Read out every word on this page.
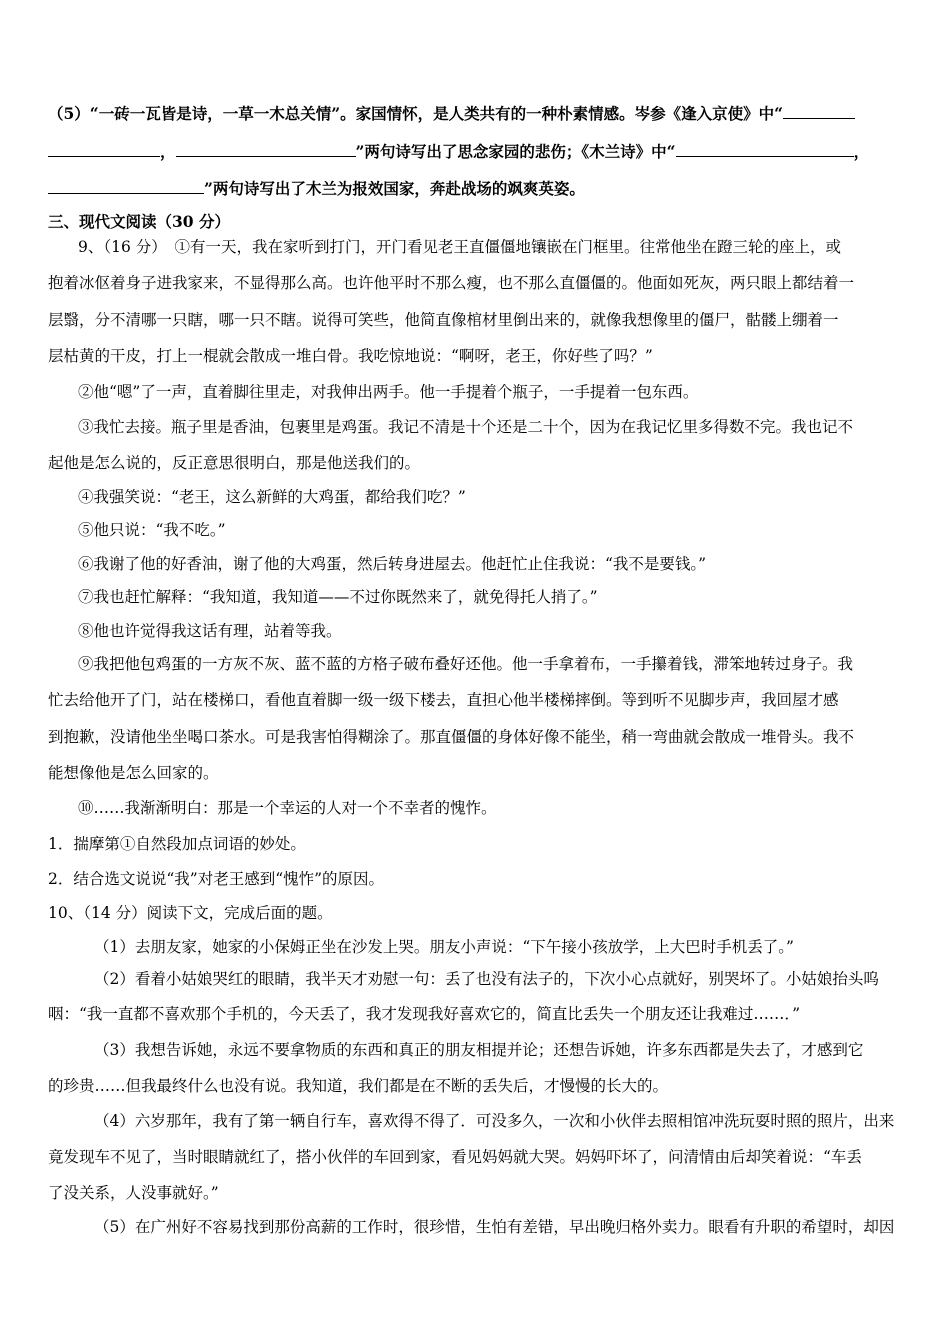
（5）“一砖一瓦皆是诗，一草一木总关情”。家国情怀，是人类共有的一种朴素情感。岑参《逢入京使》中“
，	”两句诗写出了思念家园的悲伤；《木兰诗》中“	，
”两句诗写出了木兰为报效国家，奔赴战场的飒爽英姿。
三、现代文阅读（30 分）
9、（16 分）　①有一天，我在家听到打门，开门看见老王直僵僵地镶嵌在门框里。往常他坐在蹬三轮的座上，或
抱着冰伛着身子进我家来，不显得那么高。也许他平时不那么瘦，也不那么直僵僵的。他面如死灰，两只眼上都结着一
层翳，分不清哪一只瞎，哪一只不瞎。说得可笑些，他简直像棺材里倒出来的，就像我想像里的僵尸，骷髅上绷着一
层枯黄的干皮，打上一棍就会散成一堆白骨。我吃惊地说：“啊呀，老王，你好些了吗？”
②他“嗯”了一声，直着脚往里走，对我伸出两手。他一手提着个瓶子，一手提着一包东西。
③我忙去接。瓶子里是香油，包裹里是鸡蛋。我记不清是十个还是二十个，因为在我记忆里多得数不完。我也记不
起他是怎么说的，反正意思很明白，那是他送我们的。
④我强笑说：“老王，这么新鲜的大鸡蛋，都给我们吃？”
⑤他只说：“我不吃。”
⑥我谢了他的好香油，谢了他的大鸡蛋，然后转身进屋去。他赶忙止住我说：“我不是要钱。”
⑦我也赶忙解释：“我知道，我知道——不过你既然来了，就免得托人捎了。”
⑧他也许觉得我这话有理，站着等我。
⑨我把他包鸡蛋的一方灰不灰、蓝不蓝的方格子破布叠好还他。他一手拿着布，一手攥着钱，滞笨地转过身子。我
忙去给他开了门，站在楼梯口，看他直着脚一级一级下楼去，直担心他半楼梯摔倒。等到听不见脚步声，我回屋才感
到抱歉，没请他坐坐喝口茶水。可是我害怕得糊涂了。那直僵僵的身体好像不能坐，稍一弯曲就会散成一堆骨头。我不
能想像他是怎么回家的。
⑩……我渐渐明白：那是一个幸运的人对一个不幸者的愧怍。
1．揣摩第①自然段加点词语的妙处。
2．结合选文说说“我”对老王感到“愧怍”的原因。
10、（14 分）阅读下文，完成后面的题。
（1）去朋友家，她家的小保姆正坐在沙发上哭。朋友小声说：“下午接小孩放学，上大巴时手机丢了。”
（2）看着小姑娘哭红的眼睛，我半天才劝慰一句：丢了也没有法子的，下次小心点就好，别哭坏了。小姑娘抬头呜
咽：“我一直都不喜欢那个手机的，今天丢了，我才发现我好喜欢它的，简直比丢失一个朋友还让我难过……．”
（3）我想告诉她，永远不要拿物质的东西和真正的朋友相提并论；还想告诉她，许多东西都是失去了，才感到它
的珍贵……但我最终什么也没有说。我知道，我们都是在不断的丢失后，才慢慢的长大的。
（4）六岁那年，我有了第一辆自行车，喜欢得不得了．可没多久，一次和小伙伴去照相馆冲洗玩耍时照的照片，出来
竟发现车不见了，当时眼睛就红了，搭小伙伴的车回到家，看见妈妈就大哭。妈妈吓坏了，问清情由后却笑着说：“车丢
了没关系，人没事就好。”
（5）在广州好不容易找到那份高薪的工作时，很珍惜，生怕有差错，早出晚归格外卖力。眼看有升职的希望时，却因
